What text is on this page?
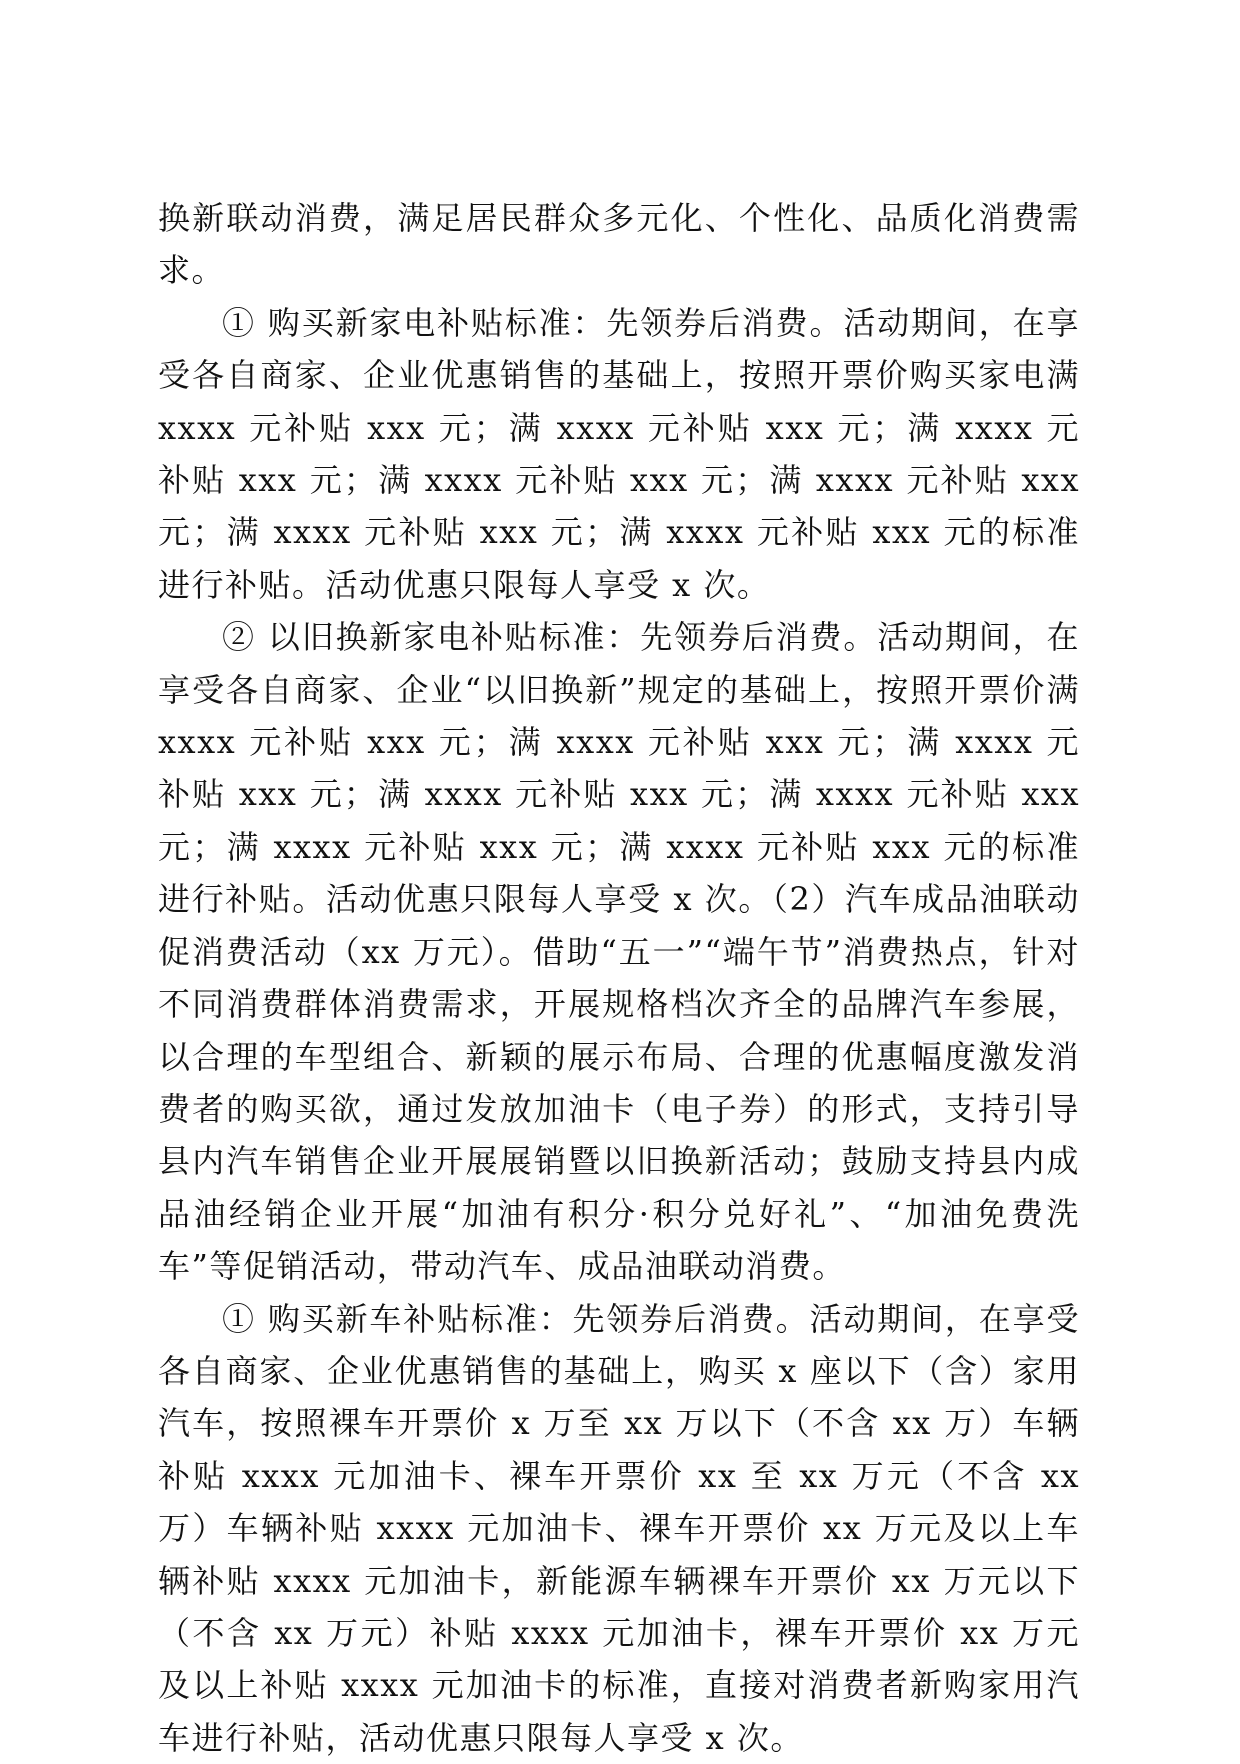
换新联动消费，满足居民群众多元化、个性化、品质化消费需求。

① 购买新家电补贴标准：先领券后消费。活动期间，在享受各自商家、企业优惠销售的基础上，按照开票价购买家电满 xxxx 元补贴 xxx 元；满 xxxx 元补贴 xxx 元；满 xxxx 元补贴 xxx 元；满 xxxx 元补贴 xxx 元；满 xxxx 元补贴 xxx 元；满 xxxx 元补贴 xxx 元；满 xxxx 元补贴 xxx 元的标准进行补贴。活动优惠只限每人享受 x 次。

② 以旧换新家电补贴标准：先领券后消费。活动期间，在享受各自商家、企业“以旧换新”规定的基础上，按照开票价满 xxxx 元补贴 xxx 元；满 xxxx 元补贴 xxx 元；满 xxxx 元补贴 xxx 元；满 xxxx 元补贴 xxx 元；满 xxxx 元补贴 xxx 元；满 xxxx 元补贴 xxx 元；满 xxxx 元补贴 xxx 元的标准进行补贴。活动优惠只限每人享受 x 次。（2）汽车成品油联动促消费活动（xx 万元）。借助“五一”“端午节”消费热点，针对不同消费群体消费需求，开展规格档次齐全的品牌汽车参展，以合理的车型组合、新颖的展示布局、合理的优惠幅度激发消费者的购买欲，通过发放加油卡（电子券）的形式，支持引导县内汽车销售企业开展展销暨以旧换新活动；鼓励支持县内成品油经销企业开展“加油有积分·积分兑好礼”、“加油免费洗车”等促销活动，带动汽车、成品油联动消费。

① 购买新车补贴标准：先领券后消费。活动期间，在享受各自商家、企业优惠销售的基础上，购买 x 座以下（含）家用汽车，按照裸车开票价 x 万至 xx 万以下（不含 xx 万）车辆补贴 xxxx 元加油卡、裸车开票价 xx 至 xx 万元（不含 xx 万）车辆补贴 xxxx 元加油卡、裸车开票价 xx 万元及以上车辆补贴 xxxx 元加油卡，新能源车辆裸车开票价 xx 万元以下（不含 xx 万元）补贴 xxxx 元加油卡，裸车开票价 xx 万元及以上补贴 xxxx 元加油卡的标准，直接对消费者新购家用汽车进行补贴，活动优惠只限每人享受 x 次。
